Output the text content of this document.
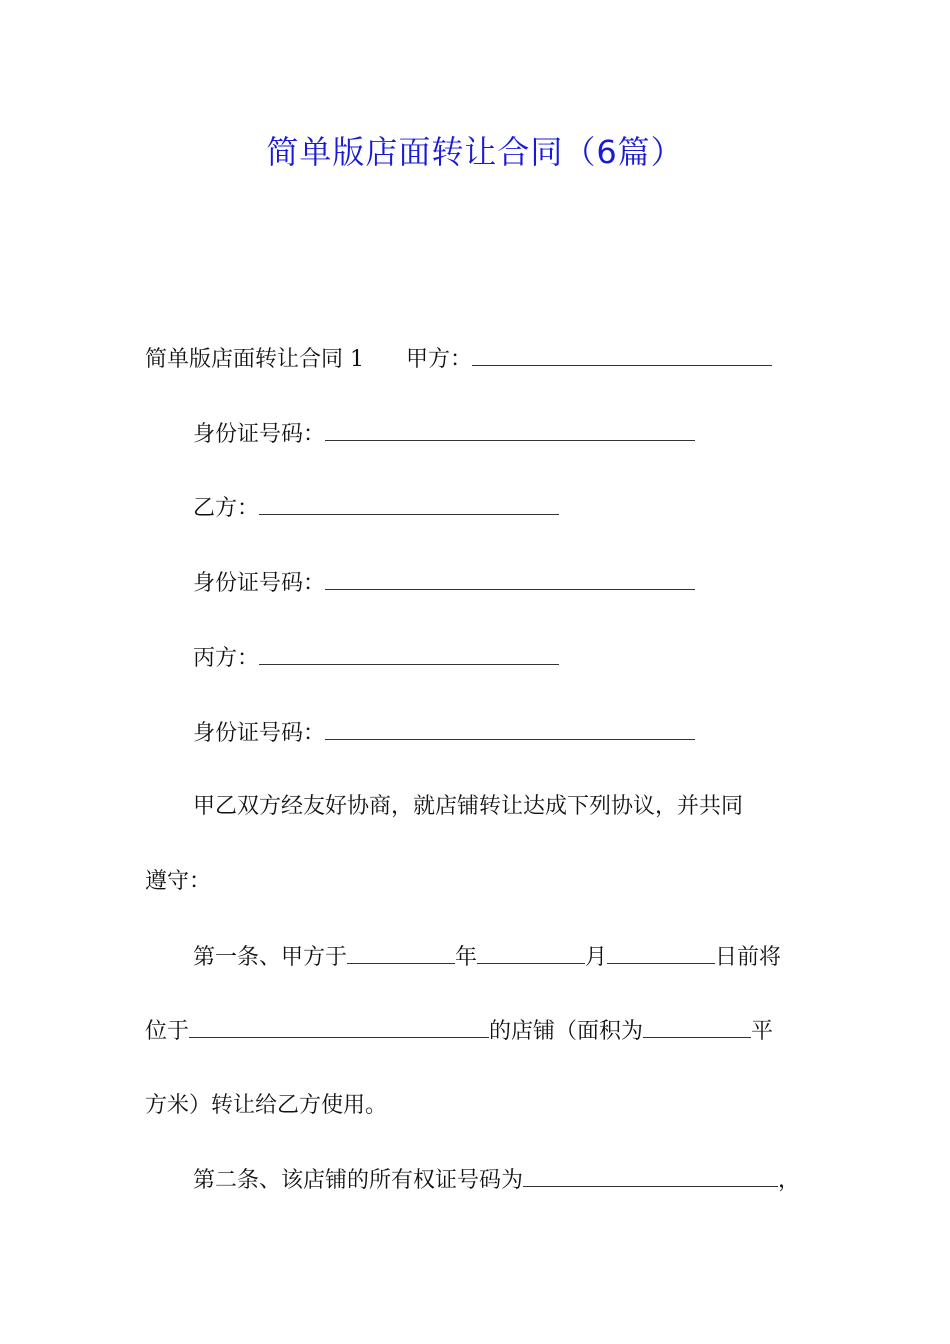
简单版店面转让合同（6篇）
简单版店面转让合同 1 甲方：
身份证号码：
乙方：
身份证号码：
丙方：
身份证号码：
甲乙双方经友好协商，就店铺转让达成下列协议，并共同
遵守：
第一条、甲方于	年	月	日前将
位于	的店铺（面积为	平
方米）转让给乙方使用。
第二条、该店铺的所有权证号码为	，
